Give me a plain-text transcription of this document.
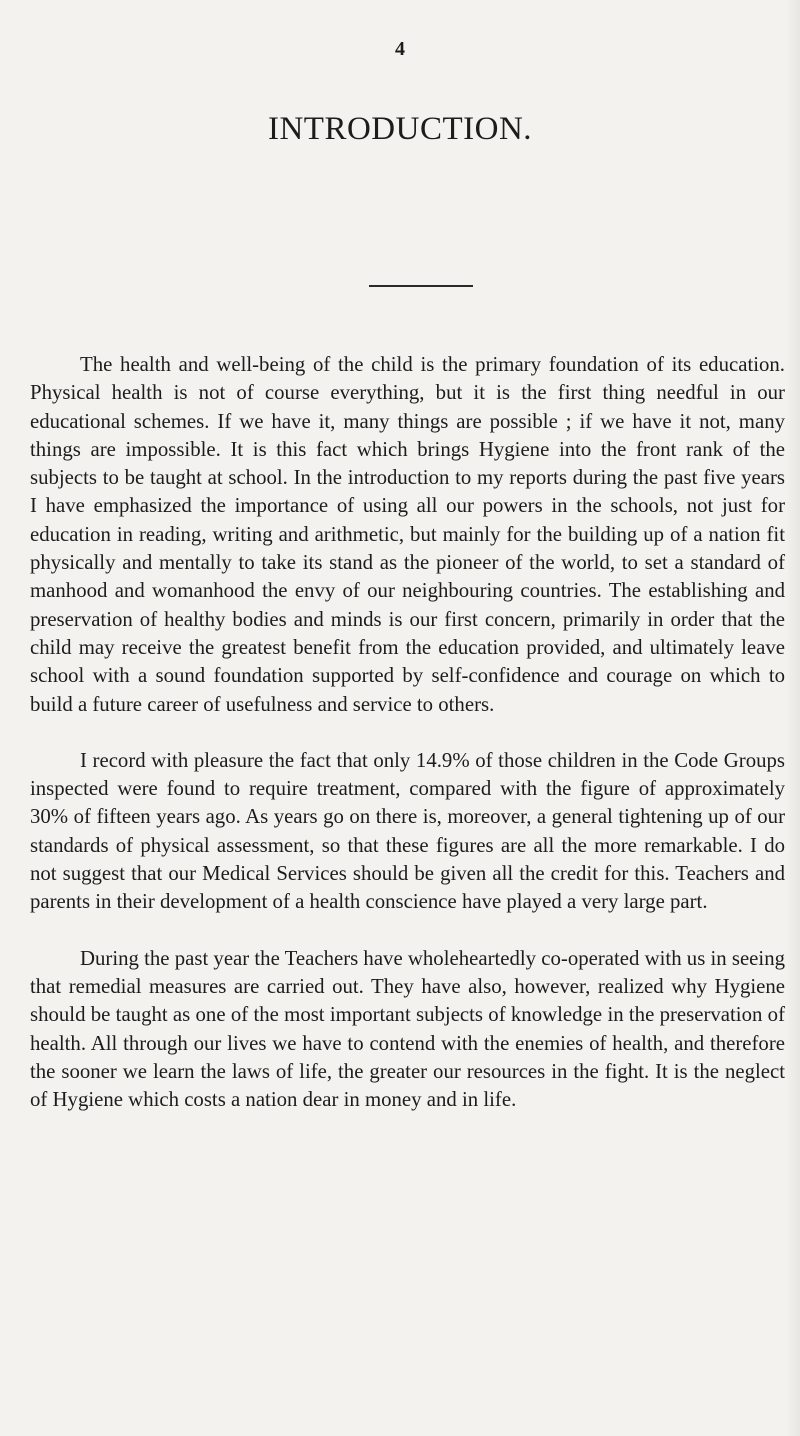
4
INTRODUCTION.

The health and well-being of the child is the primary foundation of its education. Physical health is not of course everything, but it is the first thing needful in our educational schemes. If we have it, many things are possible ; if we have it not, many things are impossible. It is this fact which brings Hygiene into the front rank of the subjects to be taught at school. In the introduction to my reports during the past five years I have emphasized the importance of using all our powers in the schools, not just for education in reading, writing and arithmetic, but mainly for the building up of a nation fit physically and mentally to take its stand as the pioneer of the world, to set a standard of manhood and womanhood the envy of our neighbouring countries. The establishing and preservation of healthy bodies and minds is our first concern, primarily in order that the child may receive the greatest benefit from the education provided, and ultimately leave school with a sound foundation supported by self-confidence and courage on which to build a future career of usefulness and service to others.

I record with pleasure the fact that only 14.9% of those children in the Code Groups inspected were found to require treatment, compared with the figure of approximately 30% of fifteen years ago. As years go on there is, moreover, a general tightening up of our standards of physical assessment, so that these figures are all the more remarkable. I do not suggest that our Medical Services should be given all the credit for this. Teachers and parents in their development of a health conscience have played a very large part.

During the past year the Teachers have wholeheartedly co-operated with us in seeing that remedial measures are carried out. They have also, however, realized why Hygiene should be taught as one of the most important subjects of knowledge in the preservation of health. All through our lives we have to contend with the enemies of health, and therefore the sooner we learn the laws of life, the greater our resources in the fight. It is the neglect of Hygiene which costs a nation dear in money and in life.
